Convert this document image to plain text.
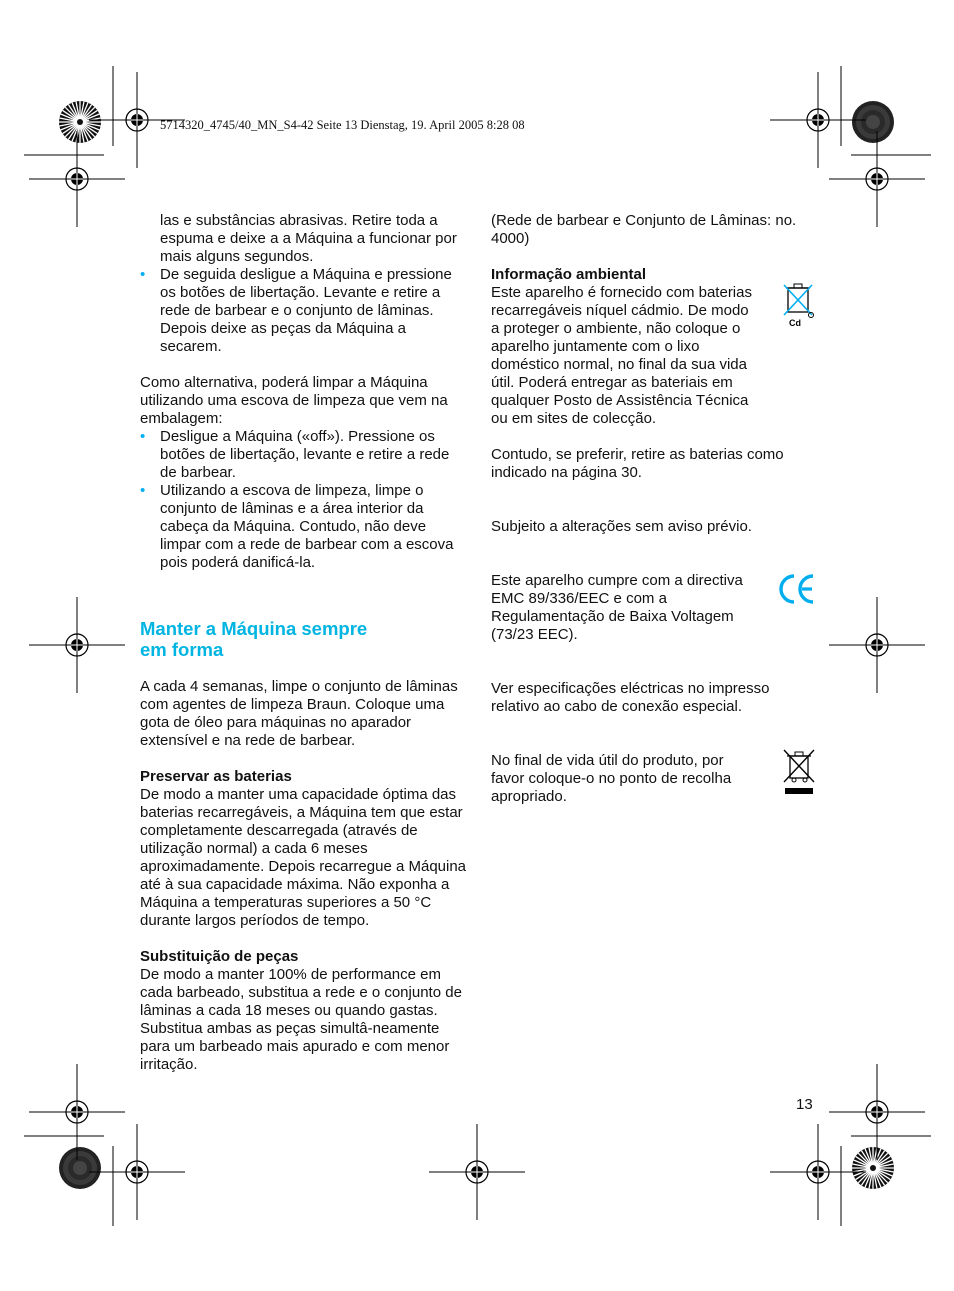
5714320_4745/40_MN_S4-42 Seite 13 Dienstag, 19. April 2005 8:28 08

las e substâncias abrasivas. Retire toda a espuma e deixe a a Máquina a funcionar por mais alguns segundos.

• De seguida desligue a Máquina e pressione os botões de libertação. Levante e retire a rede de barbear e o conjunto de lâminas. Depois deixe as peças da Máquina a secarem.

Como alternativa, poderá limpar a Máquina utilizando uma escova de limpeza que vem na embalagem:

• Desligue a Máquina («off»). Pressione os botões de libertação, levante e retire a rede de barbear.

• Utilizando a escova de limpeza, limpe o conjunto de lâminas e a área interior da cabeça da Máquina. Contudo, não deve limpar com a rede de barbear com a escova pois poderá danificá-la.

Manter a Máquina sempre
em forma

A cada 4 semanas, limpe o conjunto de lâminas com agentes de limpeza Braun. Coloque uma gota de óleo para máquinas no aparador extensível e na rede de barbear.

Preservar as baterias
De modo a manter uma capacidade óptima das baterias recarregáveis, a Máquina tem que estar completamente descarregada (através de utilização normal) a cada 6 meses aproximadamente. Depois recarregue a Máquina até à sua capacidade máxima. Não exponha a Máquina a temperaturas superiores a 50 °C durante largos períodos de tempo.

Substituição de peças
De modo a manter 100% de performance em cada barbeado, substitua a rede e o conjunto de lâminas a cada 18 meses ou quando gastas. Substitua ambas as peças simultâ-neamente para um barbeado mais apurado e com menor irritação.

(Rede de barbear e Conjunto de Lâminas: no. 4000)

Informação ambiental
Este aparelho é fornecido com baterias recarregáveis níquel cádmio. De modo a proteger o ambiente, não coloque o aparelho juntamente com o lixo doméstico normal, no final da sua vida útil. Poderá entregar as bateriais em qualquer Posto de Assistência Técnica ou em sites de colecção.
Cd

Contudo, se preferir, retire as baterias como indicado na página 30.

Subjeito a alterações sem aviso prévio.

Este aparelho cumpre com a directiva EMC 89/336/EEC e com a Regulamentação de Baixa Voltagem (73/23 EEC).

Ver especificações eléctricas no impresso relativo ao cabo de conexão especial.

No final de vida útil do produto, por favor coloque-o no ponto de recolha apropriado.
13
